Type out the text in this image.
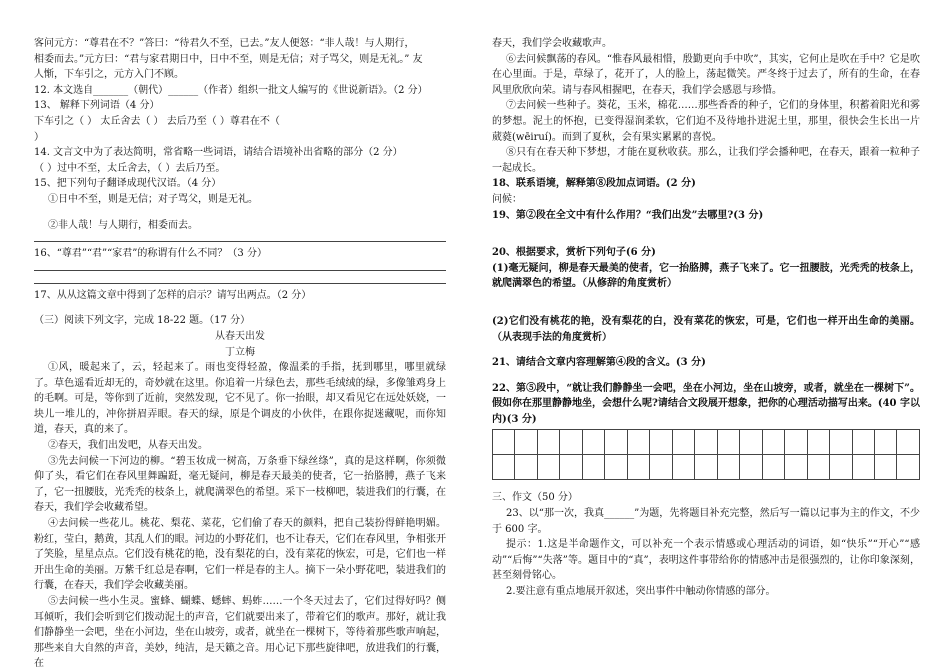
客问元方：“尊君在不？”答曰：“待君久不至，已去。”友人便怒：“非人哉！与人期行，

相委而去。”元方曰：“君与家君期日中，日中不至，则是无信；对子骂父，则是无礼。” 友

人惭，下车引之，元方入门不顾。

12. 本文选自_______（朝代）______（作者）组织一批文人编写的《世说新语》。（2 分）

13、 解释下列词语（4 分）

下车引之（ ） 太丘舍去（ ） 去后乃至（ ）尊君在不（

）

14. 文言文中为了表达简明，常省略一些词语，请结合语境补出省略的部分（2 分）

（ ）过中不至，太丘舍去，（ ）去后乃至。

15、把下列句子翻译成现代汉语。（4 分）

①日中不至，则是无信；对子骂父，则是无礼。

②非人哉！与人期行，相委而去。

16、“尊君”“君”“家君”的称谓有什么不同？（3 分）

17、从从这篇文章中得到了怎样的启示？请写出两点。（2 分）

（三）阅读下列文字，完成 18-22 题。（17 分）

从春天出发

丁立梅

①风，暖起来了，云，轻起来了。雨也变得轻盈，像温柔的手指，抚到哪里，哪里就绿了。草色遥看近却无的，奇妙就在这里。你追着一片绿色去，那些毛绒绒的绿，多像雏鸡身上的毛啊。可是，等你到了近前，突然发现，它不见了。你一抬眼，却又看见它在远处妖娆，一块儿一堆儿的，冲你拼眉弄眼。春天的绿，原是个调皮的小伙伴，在跟你捉迷藏呢，而你知道，春天，真的来了。

②春天，我们出发吧，从春天出发。

③先去问候一下河边的柳。“碧玉妆成一树高，万条垂下绿丝绦”，真的是这样啊，你须微仰了头，看它们在春风里舞蹁跹，毫无疑问，柳是春天最美的使者，它一抬胳膊，燕子飞来了，它一扭腰肢，光秃秃的枝条上，就爬满翠色的希望。采下一枝柳吧，装进我们的行囊，在春天，我们学会收藏希望。

④去问候一些花儿。桃花、梨花、菜花，它们偷了春天的颜料，把自己装扮得鲜艳明媚。粉红，莹白，鹅黄，其乱人们的眼。河边的小野花们，也不让春天，它们在春风里，争相张开了笑脸，星星点点。它们没有桃花的艳，没有梨花的白，没有菜花的恢宏，可是，它们也一样开出生命的美丽。万紫千红总是春啊，它们一样是春的主人。摘下一朵小野花吧，装进我们的行囊，在春天，我们学会收藏美丽。

⑤去问候一些小生灵。蜜蜂、蝴蝶、蟋蟀、蚂蚱……一个冬天过去了，它们过得好吗？侧耳倾听，我们会听到它们拨动泥土的声音，它们就要出来了，带着它们的歌声。那好，就让我们静静坐一会吧，坐在小河边，坐在山坡旁，或者，就坐在一棵树下，等待着那些歌声响起，那些来自大自然的声音，美妙，纯洁，是天籁之音。用心记下那些旋律吧，放进我们的行囊，在

春天，我们学会收藏歌声。

⑥去问候飘荡的春风。“惟春风最相惜，殷勤更向手中吹”，其实，它何止是吹在手中？它是吹在心里面。于是，草绿了，花开了，人的脸上，荡起微笑。严冬终于过去了，所有的生命，在春风里欣欣向荣。请与春风相握吧，在春天，我们学会感恩与珍惜。

⑦去问候一些种子。葵花，玉米，棉花……那些香香的种子，它们的身体里，积蓄着阳光和雾的梦想。泥土的怀抱，已变得湿润柔软，它们迫不及待地扑进泥土里，那里，很快会生长出一片葳蕤(wēiruí)。而到了夏秋，会有果实累累的喜悦。

⑧只有在春天种下梦想，才能在夏秋收获。那么，让我们学会播种吧，在春天，跟着一粒种子一起成长。

18、联系语境，解释第⑧段加点词语。(2 分)

问候：

19、第②段在全文中有什么作用？“我们出发”去哪里?(3 分)

20、根据要求，赏析下列句子(6 分)

(1)毫无疑问，柳是春天最美的使者，它一抬胳膊，燕子飞来了。它一扭腰肢，光秃秃的枝条上，就爬满翠色的希望。（从修辞的角度赏析）

(2)它们没有桃花的艳，没有梨花的白，没有菜花的恢宏，可是，它们也一样开出生命的美丽。（从表现手法的角度赏析）

21、请结合文章内容理解第④段的含义。(3 分)

22、第⑤段中，“就让我们静静坐一会吧，坐在小河边，坐在山坡旁，或者，就坐在一棵树下”。假如你在那里静静地坐，会想什么呢?请结合文段展开想象，把你的心理活动描写出来。(40 字以内)(3 分)

三、作文（50 分）

23、以“那一次，我真______”为题，先将题目补充完整，然后写一篇以记事为主的作文，不少于 600 字。

提示：1.这是半命题作文，可以补充一个表示情感或心理活动的词语，如“快乐”“开心”“感动”“后悔”“失落”等。题目中的“真”，表明这件事带给你的情感冲击是很强烈的，让你印象深刻，甚至刻骨铭心。

2.要注意有重点地展开叙述，突出事件中触动你情感的部分。
